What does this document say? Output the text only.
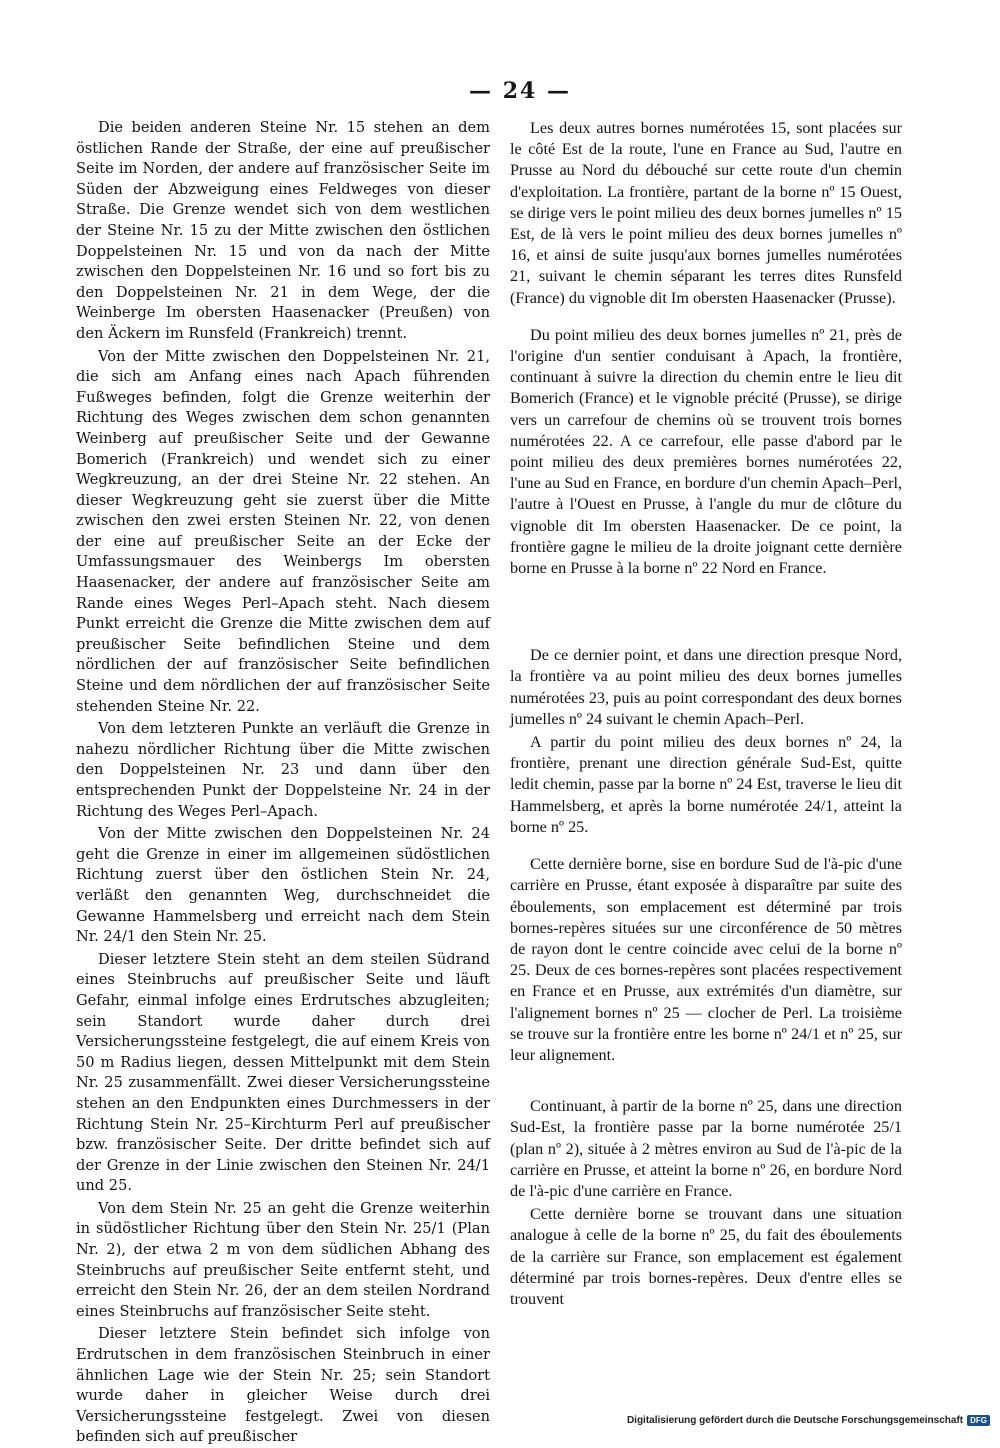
— 24 —

Die beiden anderen Steine Nr. 15 stehen an dem östlichen Rande der Straße, der eine auf preußischer Seite im Norden, der andere auf französischer Seite im Süden der Abzweigung eines Feldweges von dieser Straße. Die Grenze wendet sich von dem westlichen der Steine Nr. 15 zu der Mitte zwischen den östlichen Doppelsteinen Nr. 15 und von da nach der Mitte zwischen den Doppelsteinen Nr. 16 und so fort bis zu den Doppelsteinen Nr. 21 in dem Wege, der die Weinberge Im obersten Haasenacker (Preußen) von den Äckern im Runsfeld (Frankreich) trennt.

Von der Mitte zwischen den Doppelsteinen Nr. 21, die sich am Anfang eines nach Apach führenden Fußweges befinden, folgt die Grenze weiterhin der Richtung des Weges zwischen dem schon genannten Weinberg auf preußischer Seite und der Gewanne Bomerich (Frankreich) und wendet sich zu einer Wegkreuzung, an der drei Steine Nr. 22 stehen. An dieser Wegkreuzung geht sie zuerst über die Mitte zwischen den zwei ersten Steinen Nr. 22, von denen der eine auf preußischer Seite an der Ecke der Umfassungsmauer des Weinbergs Im obersten Haasenacker, der andere auf französischer Seite am Rande eines Weges Perl–Apach steht. Nach diesem Punkt erreicht die Grenze die Mitte zwischen dem auf preußischer Seite befindlichen Steine und dem nördlichen der auf französischer Seite befindlichen Steine und dem nördlichen der auf französischer Seite stehenden Steine Nr. 22.

Von dem letzteren Punkte an verläuft die Grenze in nahezu nördlicher Richtung über die Mitte zwischen den Doppelsteinen Nr. 23 und dann über den entsprechenden Punkt der Doppelsteine Nr. 24 in der Richtung des Weges Perl–Apach.

Von der Mitte zwischen den Doppelsteinen Nr. 24 geht die Grenze in einer im allgemeinen südöstlichen Richtung zuerst über den östlichen Stein Nr. 24, verläßt den genannten Weg, durchschneidet die Gewanne Hammelsberg und erreicht nach dem Stein Nr. 24/1 den Stein Nr. 25.

Dieser letztere Stein steht an dem steilen Südrand eines Steinbruchs auf preußischer Seite und läuft Gefahr, einmal infolge eines Erdrutsches abzugleiten; sein Standort wurde daher durch drei Versicherungssteine festgelegt, die auf einem Kreis von 50 m Radius liegen, dessen Mittelpunkt mit dem Stein Nr. 25 zusammenfällt. Zwei dieser Versicherungssteine stehen an den Endpunkten eines Durchmessers in der Richtung Stein Nr. 25–Kirchturm Perl auf preußischer bzw. französischer Seite. Der dritte befindet sich auf der Grenze in der Linie zwischen den Steinen Nr. 24/1 und 25.

Von dem Stein Nr. 25 an geht die Grenze weiterhin in südöstlicher Richtung über den Stein Nr. 25/1 (Plan Nr. 2), der etwa 2 m von dem südlichen Abhang des Steinbruchs auf preußischer Seite entfernt steht, und erreicht den Stein Nr. 26, der an dem steilen Nordrand eines Steinbruchs auf französischer Seite steht.

Dieser letztere Stein befindet sich infolge von Erdrutschen in dem französischen Steinbruch in einer ähnlichen Lage wie der Stein Nr. 25; sein Standort wurde daher in gleicher Weise durch drei Versicherungssteine festgelegt. Zwei von diesen befinden sich auf preußischer

Les deux autres bornes numérotées 15, sont placées sur le côté Est de la route, l'une en France au Sud, l'autre en Prusse au Nord du débouché sur cette route d'un chemin d'exploitation. La frontière, partant de la borne nº 15 Ouest, se dirige vers le point milieu des deux bornes jumelles nº 15 Est, de là vers le point milieu des deux bornes jumelles nº 16, et ainsi de suite jusqu'aux bornes jumelles numérotées 21, suivant le chemin séparant les terres dites Runsfeld (France) du vignoble dit Im obersten Haasenacker (Prusse).

Du point milieu des deux bornes jumelles nº 21, près de l'origine d'un sentier conduisant à Apach, la frontière, continuant à suivre la direction du chemin entre le lieu dit Bomerich (France) et le vignoble précité (Prusse), se dirige vers un carrefour de chemins où se trouvent trois bornes numérotées 22. A ce carrefour, elle passe d'abord par le point milieu des deux premières bornes numérotées 22, l'une au Sud en France, en bordure d'un chemin Apach–Perl, l'autre à l'Ouest en Prusse, à l'angle du mur de clôture du vignoble dit Im obersten Haasenacker. De ce point, la frontière gagne le milieu de la droite joignant cette dernière borne en Prusse à la borne nº 22 Nord en France.

De ce dernier point, et dans une direction presque Nord, la frontière va au point milieu des deux bornes jumelles numérotées 23, puis au point correspondant des deux bornes jumelles nº 24 suivant le chemin Apach–Perl.

A partir du point milieu des deux bornes nº 24, la frontière, prenant une direction générale Sud-Est, quitte ledit chemin, passe par la borne nº 24 Est, traverse le lieu dit Hammelsberg, et après la borne numérotée 24/1, atteint la borne nº 25.

Cette dernière borne, sise en bordure Sud de l'à-pic d'une carrière en Prusse, étant exposée à disparaître par suite des éboulements, son emplacement est déterminé par trois bornes-repères situées sur une circonférence de 50 mètres de rayon dont le centre coincide avec celui de la borne nº 25. Deux de ces bornes-repères sont placées respectivement en France et en Prusse, aux extrémités d'un diamètre, sur l'alignement bornes nº 25 — clocher de Perl. La troisième se trouve sur la frontière entre les borne nº 24/1 et nº 25, sur leur alignement.

Continuant, à partir de la borne nº 25, dans une direction Sud-Est, la frontière passe par la borne numérotée 25/1 (plan nº 2), située à 2 mètres environ au Sud de l'à-pic de la carrière en Prusse, et atteint la borne nº 26, en bordure Nord de l'à-pic d'une carrière en France.

Cette dernière borne se trouvant dans une situation analogue à celle de la borne nº 25, du fait des éboulements de la carrière sur France, son emplacement est également déterminé par trois bornes-repères. Deux d'entre elles se trouvent

Digitalisierung gefördert durch die Deutsche Forschungsgemeinschaft DFG
